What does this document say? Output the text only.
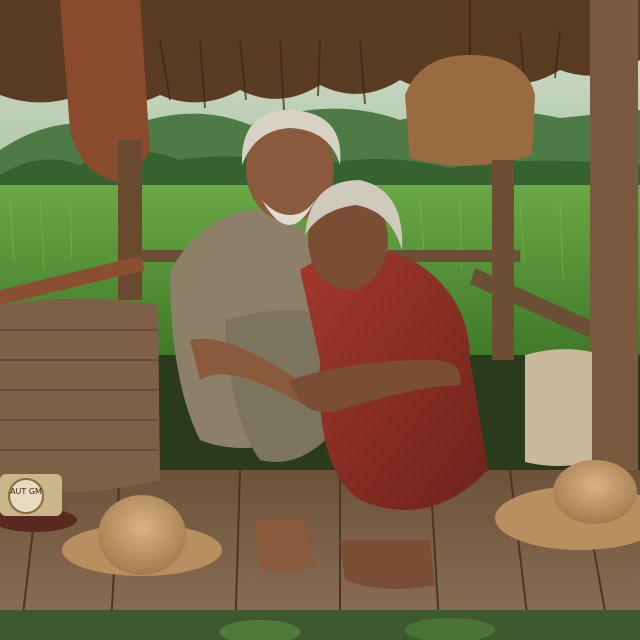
AUT GM
